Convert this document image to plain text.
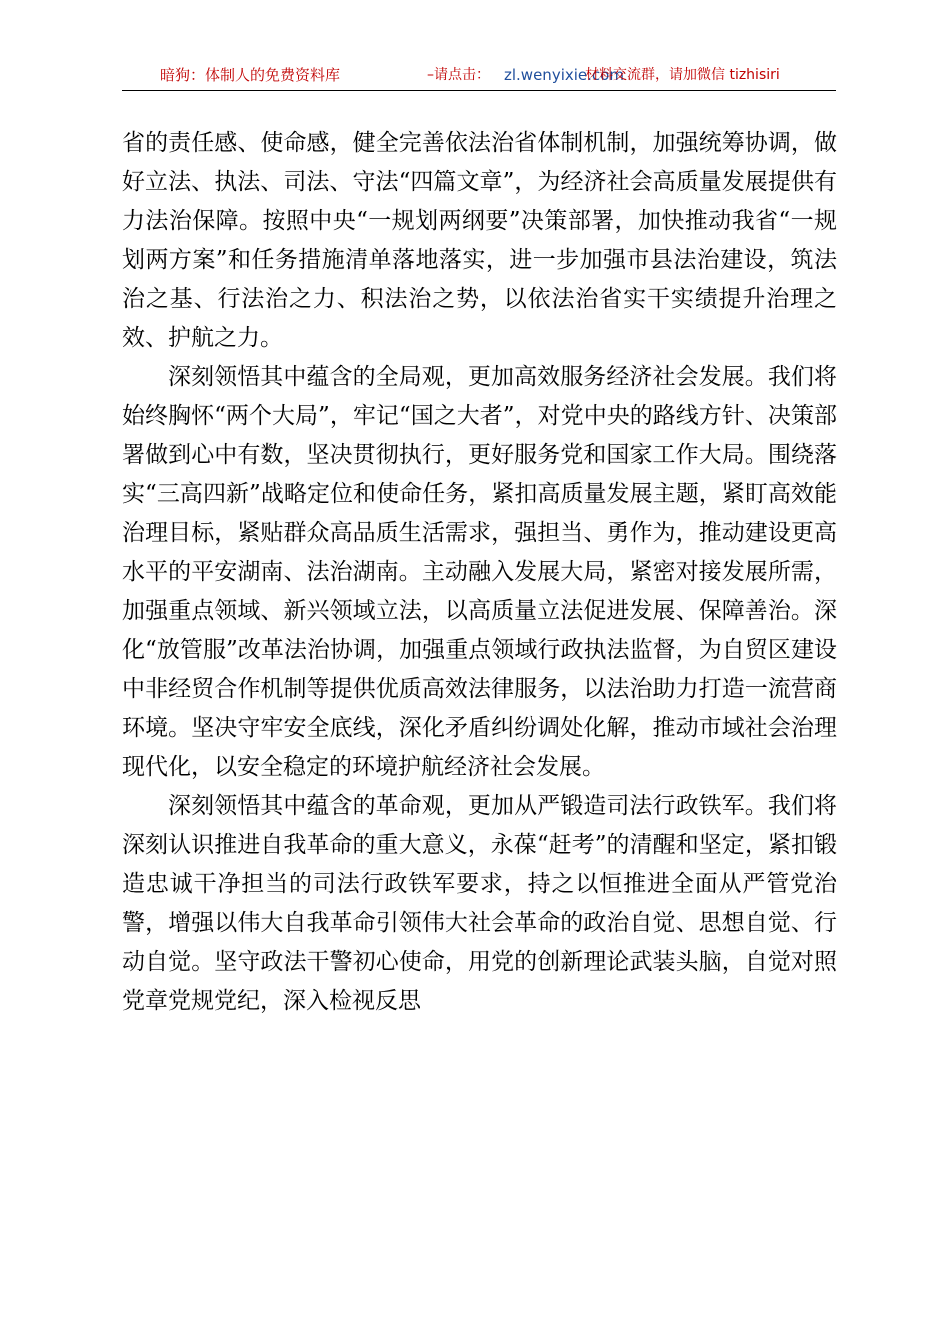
暗狗：体制人的免费资料库	–请点击： zl.wenyixie.com
材料交流群，请加微信 tizhisiri

省的责任感、使命感，健全完善依法治省体制机制，加强统筹协调，做好立法、执法、司法、守法“四篇文章”，为经济社会高质量发展提供有力法治保障。按照中央“一规划两纲要”决策部署，加快推动我省“一规划两方案”和任务措施清单落地落实，进一步加强市县法治建设，筑法治之基、行法治之力、积法治之势，以依法治省实干实绩提升治理之效、护航之力。

深刻领悟其中蕴含的全局观，更加高效服务经济社会发展。我们将始终胸怀“两个大局”，牢记“国之大者”，对党中央的路线方针、决策部署做到心中有数，坚决贯彻执行，更好服务党和国家工作大局。围绕落实“三高四新”战略定位和使命任务，紧扣高质量发展主题，紧盯高效能治理目标，紧贴群众高品质生活需求，强担当、勇作为，推动建设更高水平的平安湖南、法治湖南。主动融入发展大局，紧密对接发展所需，加强重点领域、新兴领域立法，以高质量立法促进发展、保障善治。深化“放管服”改革法治协调，加强重点领域行政执法监督，为自贸区建设中非经贸合作机制等提供优质高效法律服务，以法治助力打造一流营商环境。坚决守牢安全底线，深化矛盾纠纷调处化解，推动市域社会治理现代化，以安全稳定的环境护航经济社会发展。

深刻领悟其中蕴含的革命观，更加从严锻造司法行政铁军。我们将深刻认识推进自我革命的重大意义，永葆“赶考”的清醒和坚定，紧扣锻造忠诚干净担当的司法行政铁军要求，持之以恒推进全面从严管党治警，增强以伟大自我革命引领伟大社会革命的政治自觉、思想自觉、行动自觉。坚守政法干警初心使命，用党的创新理论武装头脑，自觉对照党章党规党纪，深入检视反思
